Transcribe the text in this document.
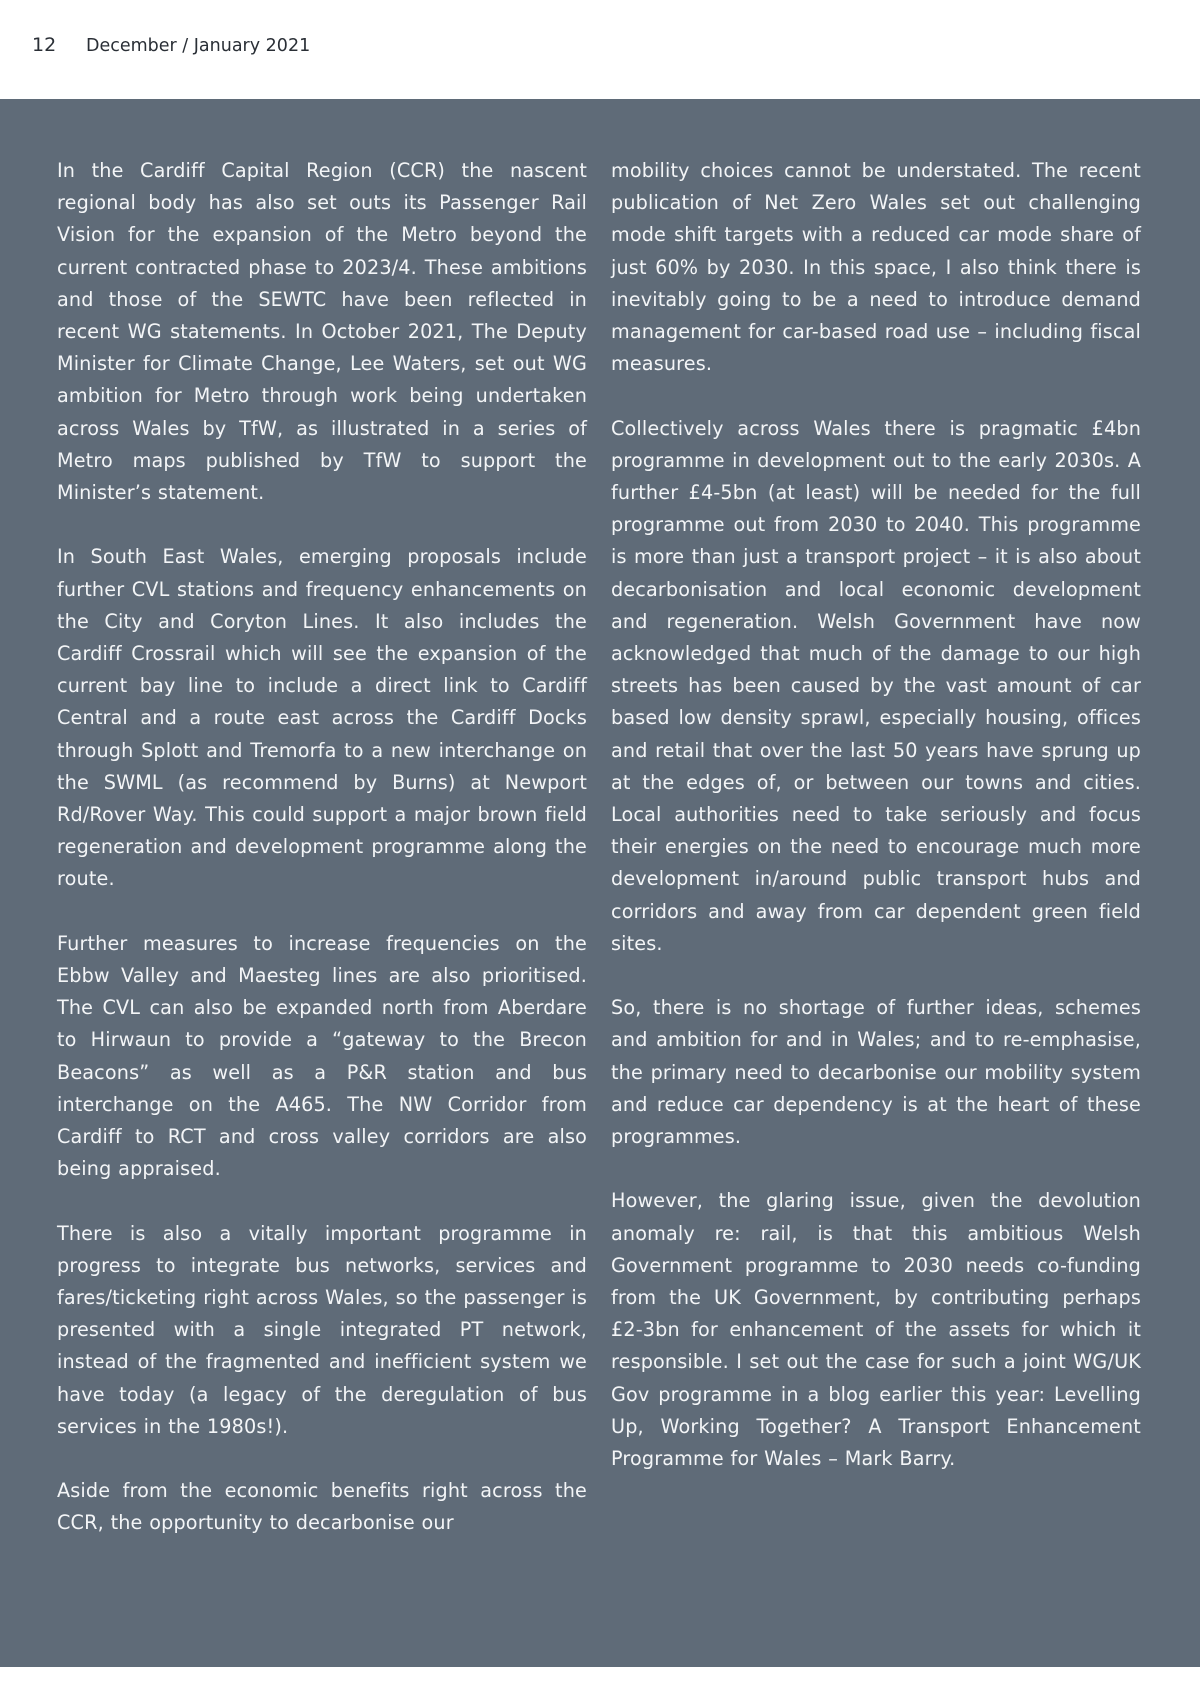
12 December / January 2021

In the Cardiff Capital Region (CCR) the nascent regional body has also set outs its Passenger Rail Vision for the expansion of the Metro beyond the current contracted phase to 2023/4. These ambitions and those of the SEWTC have been reflected in recent WG statements. In October 2021, The Deputy Minister for Climate Change, Lee Waters, set out WG ambition for Metro through work being undertaken across Wales by TfW, as illustrated in a series of Metro maps published by TfW to support the Minister’s statement.

In South East Wales, emerging proposals include further CVL stations and frequency enhancements on the City and Coryton Lines. It also includes the Cardiff Crossrail which will see the expansion of the current bay line to include a direct link to Cardiff Central and a route east across the Cardiff Docks through Splott and Tremorfa to a new interchange on the SWML (as recommend by Burns) at Newport Rd/Rover Way. This could support a major brown field regeneration and development programme along the route.

Further measures to increase frequencies on the Ebbw Valley and Maesteg lines are also prioritised. The CVL can also be expanded north from Aberdare to Hirwaun to provide a “gateway to the Brecon Beacons” as well as a P&R station and bus interchange on the A465. The NW Corridor from Cardiff to RCT and cross valley corridors are also being appraised.

There is also a vitally important programme in progress to integrate bus networks, services and fares/ticketing right across Wales, so the passenger is presented with a single integrated PT network, instead of the fragmented and inefficient system we have today (a legacy of the deregulation of bus services in the 1980s!).

Aside from the economic benefits right across the CCR, the opportunity to decarbonise our

mobility choices cannot be understated. The recent publication of Net Zero Wales set out challenging mode shift targets with a reduced car mode share of just 60% by 2030. In this space, I also think there is inevitably going to be a need to introduce demand management for car-based road use – including fiscal measures.

Collectively across Wales there is pragmatic £4bn programme in development out to the early 2030s. A further £4-5bn (at least) will be needed for the full programme out from 2030 to 2040. This programme is more than just a transport project – it is also about decarbonisation and local economic development and regeneration. Welsh Government have now acknowledged that much of the damage to our high streets has been caused by the vast amount of car based low density sprawl, especially housing, offices and retail that over the last 50 years have sprung up at the edges of, or between our towns and cities. Local authorities need to take seriously and focus their energies on the need to encourage much more development in/around public transport hubs and corridors and away from car dependent green field sites.

So, there is no shortage of further ideas, schemes and ambition for and in Wales; and to re-emphasise, the primary need to decarbonise our mobility system and reduce car dependency is at the heart of these programmes.

However, the glaring issue, given the devolution anomaly re: rail, is that this ambitious Welsh Government programme to 2030 needs co-funding from the UK Government, by contributing perhaps £2-3bn for enhancement of the assets for which it responsible. I set out the case for such a joint WG/UK Gov programme in a blog earlier this year: Levelling Up, Working Together? A Transport Enhancement Programme for Wales – Mark Barry.
